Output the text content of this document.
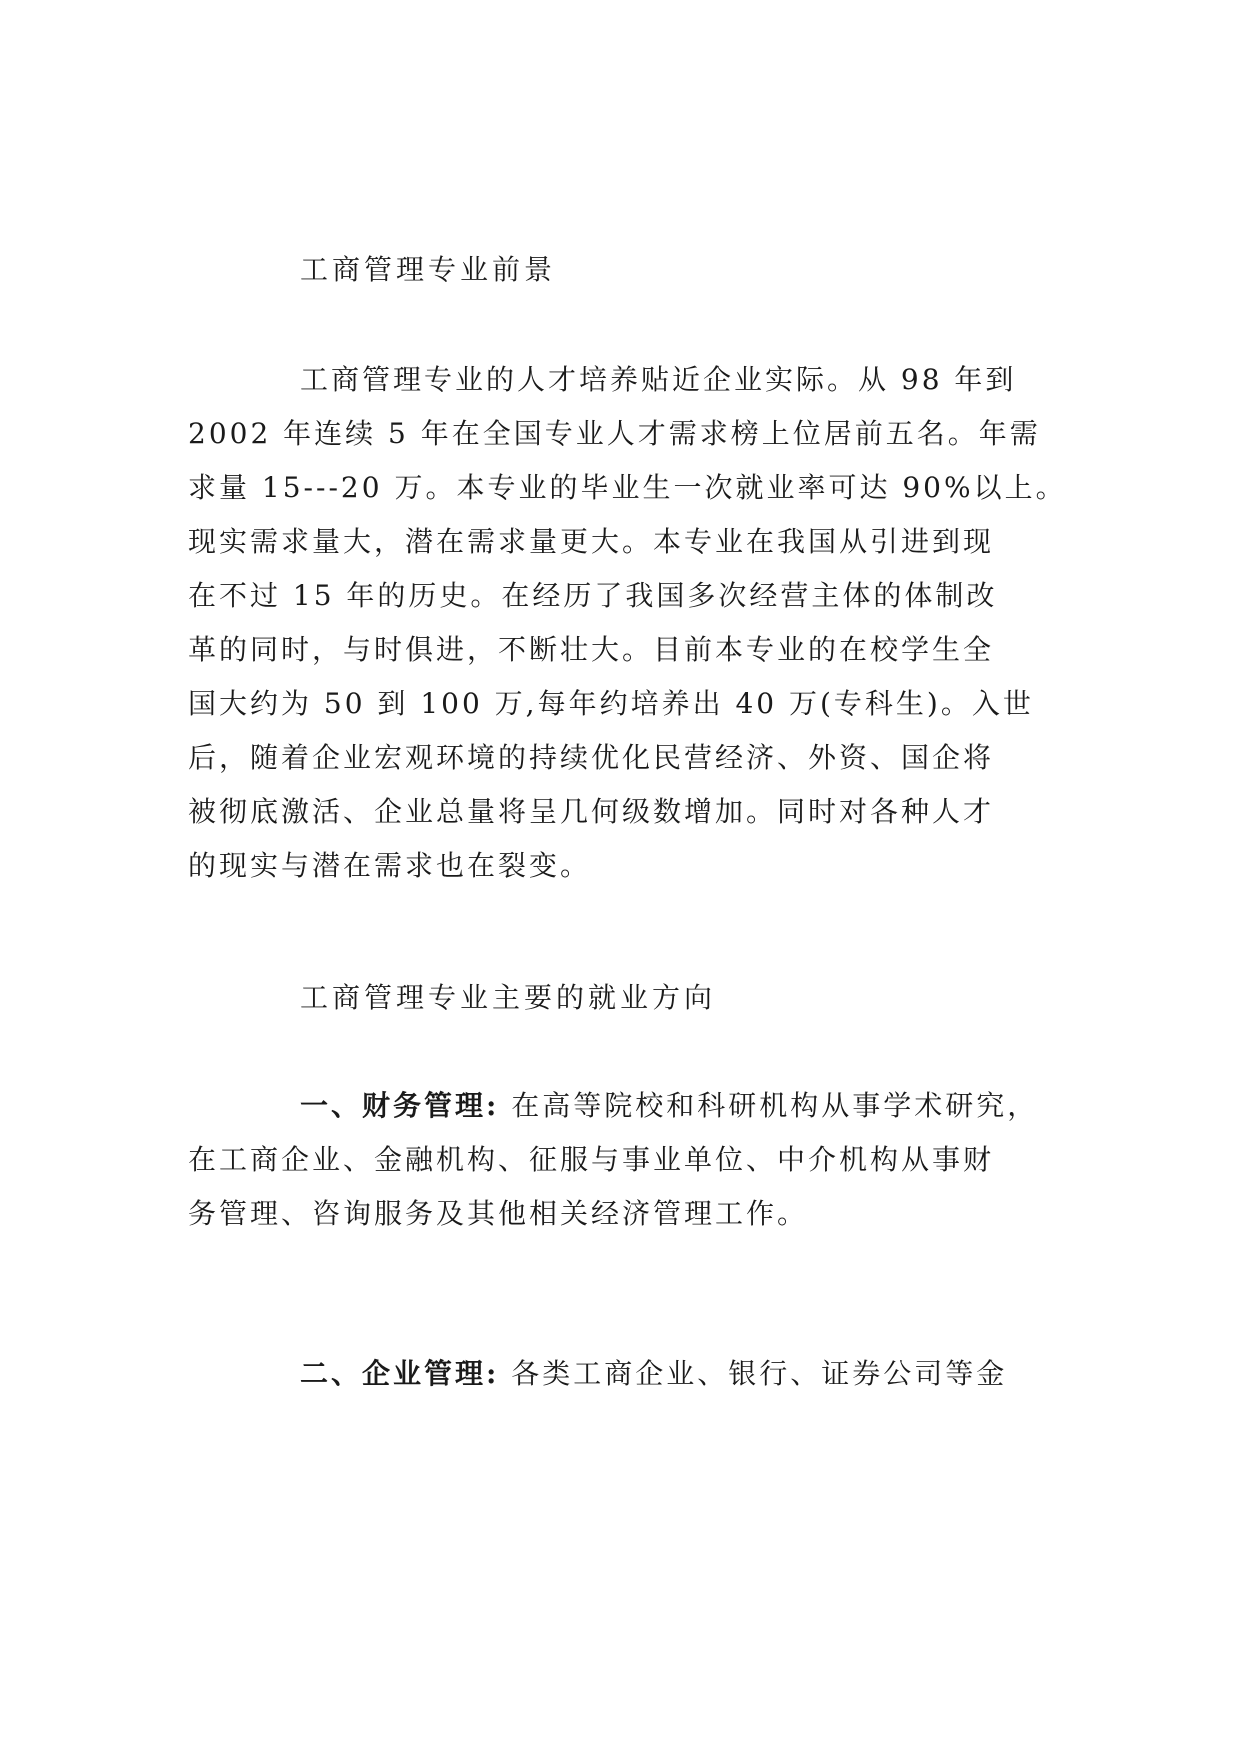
工商管理专业前景
工商管理专业的人才培养贴近企业实际。从 98 年到
2002 年连续 5 年在全国专业人才需求榜上位居前五名。年需
求量 15---20 万。本专业的毕业生一次就业率可达 90%以上。
现实需求量大，潜在需求量更大。本专业在我国从引进到现
在不过 15 年的历史。在经历了我国多次经营主体的体制改
革的同时，与时俱进，不断壮大。目前本专业的在校学生全
国大约为 50 到 100 万,每年约培养出 40 万(专科生)。入世
后，随着企业宏观环境的持续优化民营经济、外资、国企将
被彻底激活、企业总量将呈几何级数增加。同时对各种人才
的现实与潜在需求也在裂变。
工商管理专业主要的就业方向
一、财务管理: 在高等院校和科研机构从事学术研究，
在工商企业、金融机构、征服与事业单位、中介机构从事财
务管理、咨询服务及其他相关经济管理工作。
二、企业管理: 各类工商企业、银行、证券公司等金
